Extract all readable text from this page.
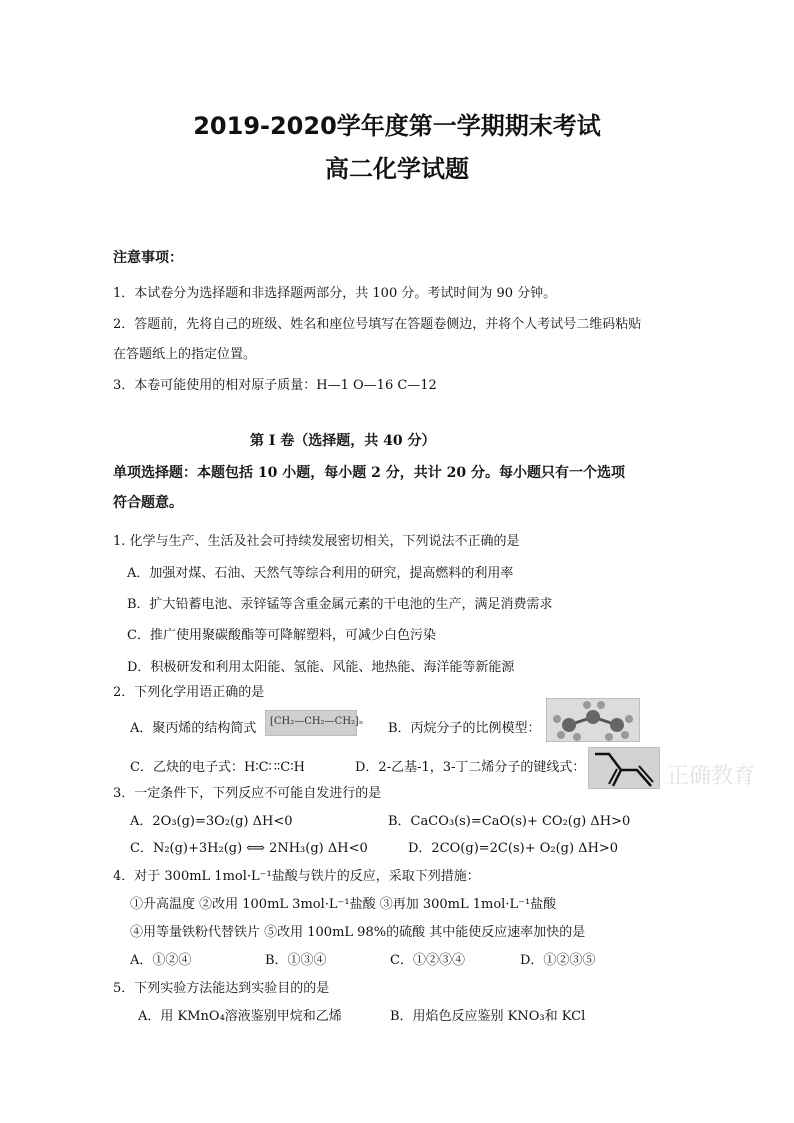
2019-2020学年度第一学期期末考试
高二化学试题
注意事项：
1．本试卷分为选择题和非选择题两部分，共 100 分。考试时间为 90 分钟。
2．答题前，先将自己的班级、姓名和座位号填写在答题卷侧边，并将个人考试号二维码粘贴
在答题纸上的指定位置。
3．本卷可能使用的相对原子质量：H—1 O—16 C—12
第 I 卷（选择题，共 40 分）
单项选择题：本题包括 10 小题，每小题 2 分，共计 20 分。每小题只有一个选项
符合题意。
1. 化学与生产、生活及社会可持续发展密切相关，下列说法不正确的是
A．加强对煤、石油、天然气等综合利用的研究，提高燃料的利用率
B．扩大铅蓄电池、汞锌锰等含重金属元素的干电池的生产，满足消费需求
C．推广使用聚碳酸酯等可降解塑料，可减少白色污染
D．积极研发和利用太阳能、氢能、风能、地热能、海洋能等新能源
2．下列化学用语正确的是
A．聚丙烯的结构简式 [CH₂—CH₂—CH₂]ₙ B．丙烷分子的比例模型：
C．乙炔的电子式：H∶C∷∶C∶H	D．2-乙基-1，3-丁二烯分子的键线式：	正确教育
3．一定条件下，下列反应不可能自发进行的是
A．2O₃(g)=3O₂(g) ΔH<0	B．CaCO₃(s)=CaO(s)+ CO₂(g) ΔH>0
C．N₂(g)+3H₂(g) ⟺ 2NH₃(g) ΔH<0	D．2CO(g)=2C(s)+ O₂(g) ΔH>0
4．对于 300mL 1mol·L⁻¹盐酸与铁片的反应，采取下列措施：
①升高温度 ②改用 100mL 3mol·L⁻¹盐酸 ③再加 300mL 1mol·L⁻¹盐酸
④用等量铁粉代替铁片 ⑤改用 100mL 98%的硫酸 其中能使反应速率加快的是
A．①②④	B．①③④	C．①②③④	D．①②③⑤
5．下列实验方法能达到实验目的的是
A．用 KMnO₄溶液鉴别甲烷和乙烯	B．用焰色反应鉴别 KNO₃和 KCl
